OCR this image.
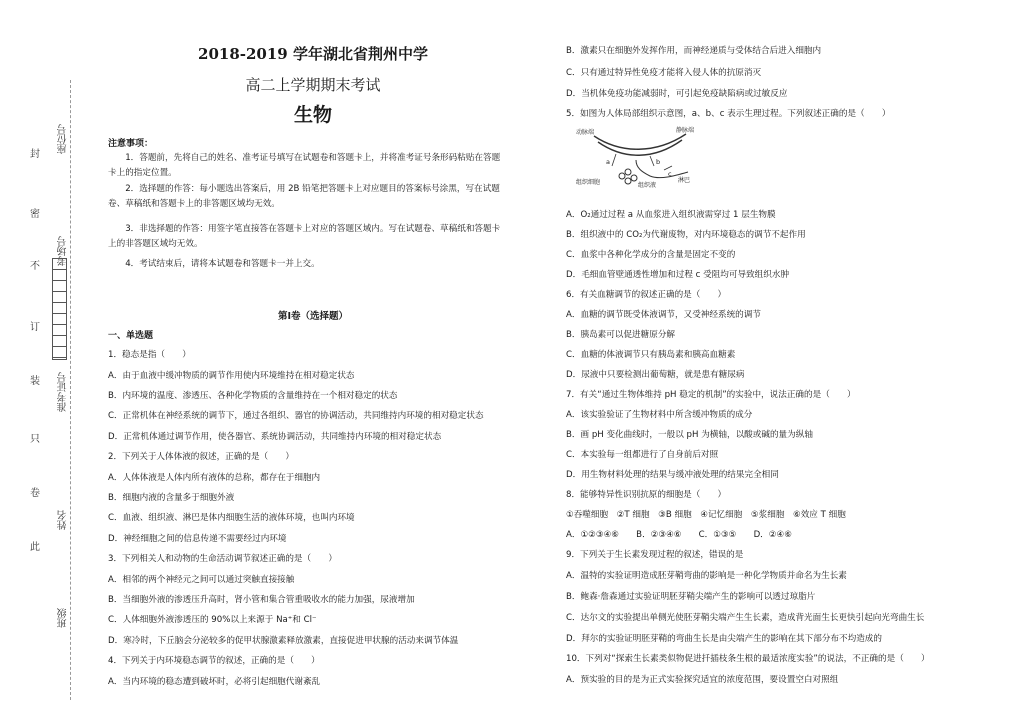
封
密
不
订
装
只
卷
此
座位号
考场号
准考证号
姓名
班级
2018-2019 学年湖北省荆州中学
高二上学期期末考试
生物
注意事项：
1．答题前，先将自己的姓名、准考证号填写在试题卷和答题卡上，并将准考证号条形码粘贴在答题卡上的指定位置。
2．选择题的作答：每小题选出答案后，用 2B 铅笔把答题卡上对应题目的答案标号涂黑，写在试题卷、草稿纸和答题卡上的非答题区域均无效。
3．非选择题的作答：用签字笔直接答在答题卡上对应的答题区域内。写在试题卷、草稿纸和答题卡上的非答题区域均无效。
4．考试结束后，请将本试题卷和答题卡一并上交。
第Ⅰ卷（选择题）
一、单选题
1．稳态是指（　　）
A．由于血液中缓冲物质的调节作用使内环境维持在相对稳定状态
B．内环境的温度、渗透压、各种化学物质的含量维持在一个相对稳定的状态
C．正常机体在神经系统的调节下，通过各组织、器官的协调活动，共同维持内环境的相对稳定状态
D．正常机体通过调节作用，使各器官、系统协调活动，共同维持内环境的相对稳定状态
2．下列关于人体体液的叙述，正确的是（　　）
A．人体体液是人体内所有液体的总称，都存在于细胞内
B．细胞内液的含量多于细胞外液
C．血液、组织液、淋巴是体内细胞生活的液体环境，也叫内环境
D．神经细胞之间的信息传递不需要经过内环境
3．下列相关人和动物的生命活动调节叙述正确的是（　　）
A．相邻的两个神经元之间可以通过突触直接接触
B．当细胞外液的渗透压升高时，肾小管和集合管重吸收水的能力加强，尿液增加
C．人体细胞外液渗透压的 90%以上来源于 Na⁺和 Cl⁻
D．寒冷时，下丘脑会分泌较多的促甲状腺激素释放激素，直接促进甲状腺的活动来调节体温
4．下列关于内环境稳态调节的叙述，正确的是（　　）
A．当内环境的稳态遭到破坏时，必将引起细胞代谢紊乱
B．激素只在细胞外发挥作用，而神经递质与受体结合后进入细胞内
C．只有通过特异性免疫才能将入侵人体的抗原消灭
D．当机体免疫功能减弱时，可引起免疫缺陷病或过敏反应
5．如图为人体局部组织示意图，a、b、c 表示生理过程。下列叙述正确的是（　　）
动脉端	静脉端
淋巴
组织细胞	组织液
a	b
c
A．O₂通过过程 a 从血浆进入组织液需穿过 1 层生物膜
B．组织液中的 CO₂为代谢废物，对内环境稳态的调节不起作用
C．血浆中各种化学成分的含量是固定不变的
D．毛细血管壁通透性增加和过程 c 受阻均可导致组织水肿
6．有关血糖调节的叙述正确的是（　　）
A．血糖的调节既受体液调节，又受神经系统的调节
B．胰岛素可以促进糖原分解
C．血糖的体液调节只有胰岛素和胰高血糖素
D．尿液中只要检测出葡萄糖，就是患有糖尿病
7．有关“通过生物体维持 pH 稳定的机制”的实验中，说法正确的是（　　）
A．该实验验证了生物材料中所含缓冲物质的成分
B．画 pH 变化曲线时，一般以 pH 为横轴，以酸或碱的量为纵轴
C．本实验每一组都进行了自身前后对照
D．用生物材料处理的结果与缓冲液处理的结果完全相同
8．能够特异性识别抗原的细胞是（　　）
①吞噬细胞　②T 细胞　③B 细胞　④记忆细胞　⑤浆细胞　⑥效应 T 细胞
A．①②③④⑥　　B．②③④⑥　　C．①③⑤　　D．②④⑥
9．下列关于生长素发现过程的叙述，错误的是
A．温特的实验证明造成胚芽鞘弯曲的影响是一种化学物质并命名为生长素
B．鲍森·詹森通过实验证明胚芽鞘尖端产生的影响可以透过琼脂片
C．达尔文的实验提出单侧光使胚芽鞘尖端产生生长素，造成背光面生长更快引起向光弯曲生长
D．拜尔的实验证明胚芽鞘的弯曲生长是由尖端产生的影响在其下部分布不均造成的
10．下列对“探索生长素类似物促进扦插枝条生根的最适浓度实验”的说法，不正确的是（　　）
A．预实验的目的是为正式实验探究适宜的浓度范围，要设置空白对照组
